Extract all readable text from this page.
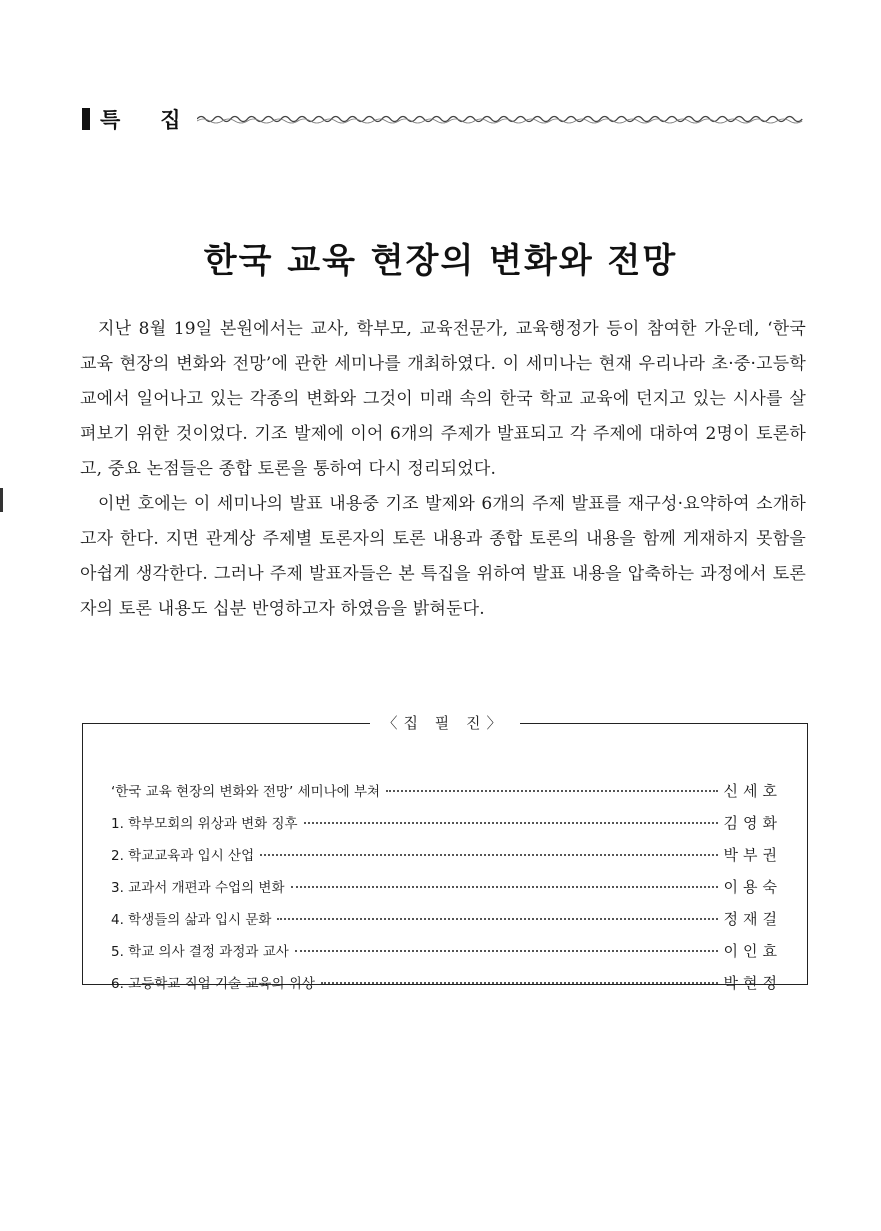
특 집
한국 교육 현장의 변화와 전망

지난 8월 19일 본원에서는 교사, 학부모, 교육전문가, 교육행정가 등이 참여한 가운데, ‘한국 교육 현장의 변화와 전망’에 관한 세미나를 개최하였다. 이 세미나는 현재 우리나라 초·중·고등학교에서 일어나고 있는 각종의 변화와 그것이 미래 속의 한국 학교 교육에 던지고 있는 시사를 살펴보기 위한 것이었다. 기조 발제에 이어 6개의 주제가 발표되고 각 주제에 대하여 2명이 토론하고, 중요 논점들은 종합 토론을 통하여 다시 정리되었다.

이번 호에는 이 세미나의 발표 내용중 기조 발제와 6개의 주제 발표를 재구성·요약하여 소개하고자 한다. 지면 관계상 주제별 토론자의 토론 내용과 종합 토론의 내용을 함께 게재하지 못함을 아쉽게 생각한다. 그러나 주제 발표자들은 본 특집을 위하여 발표 내용을 압축하는 과정에서 토론자의 토론 내용도 십분 반영하고자 하였음을 밝혀둔다.

〈집 필 진〉
‘한국 교육 현장의 변화와 전망’ 세미나에 부쳐	신세호
1. 학부모회의 위상과 변화 징후	김영화
2. 학교교육과 입시 산업	박부권
3. 교과서 개편과 수업의 변화	이용숙
4. 학생들의 삶과 입시 문화	정재걸
5. 학교 의사 결정 과정과 교사	이인효
6. 고등학교 직업 기술 교육의 위상	박현정
